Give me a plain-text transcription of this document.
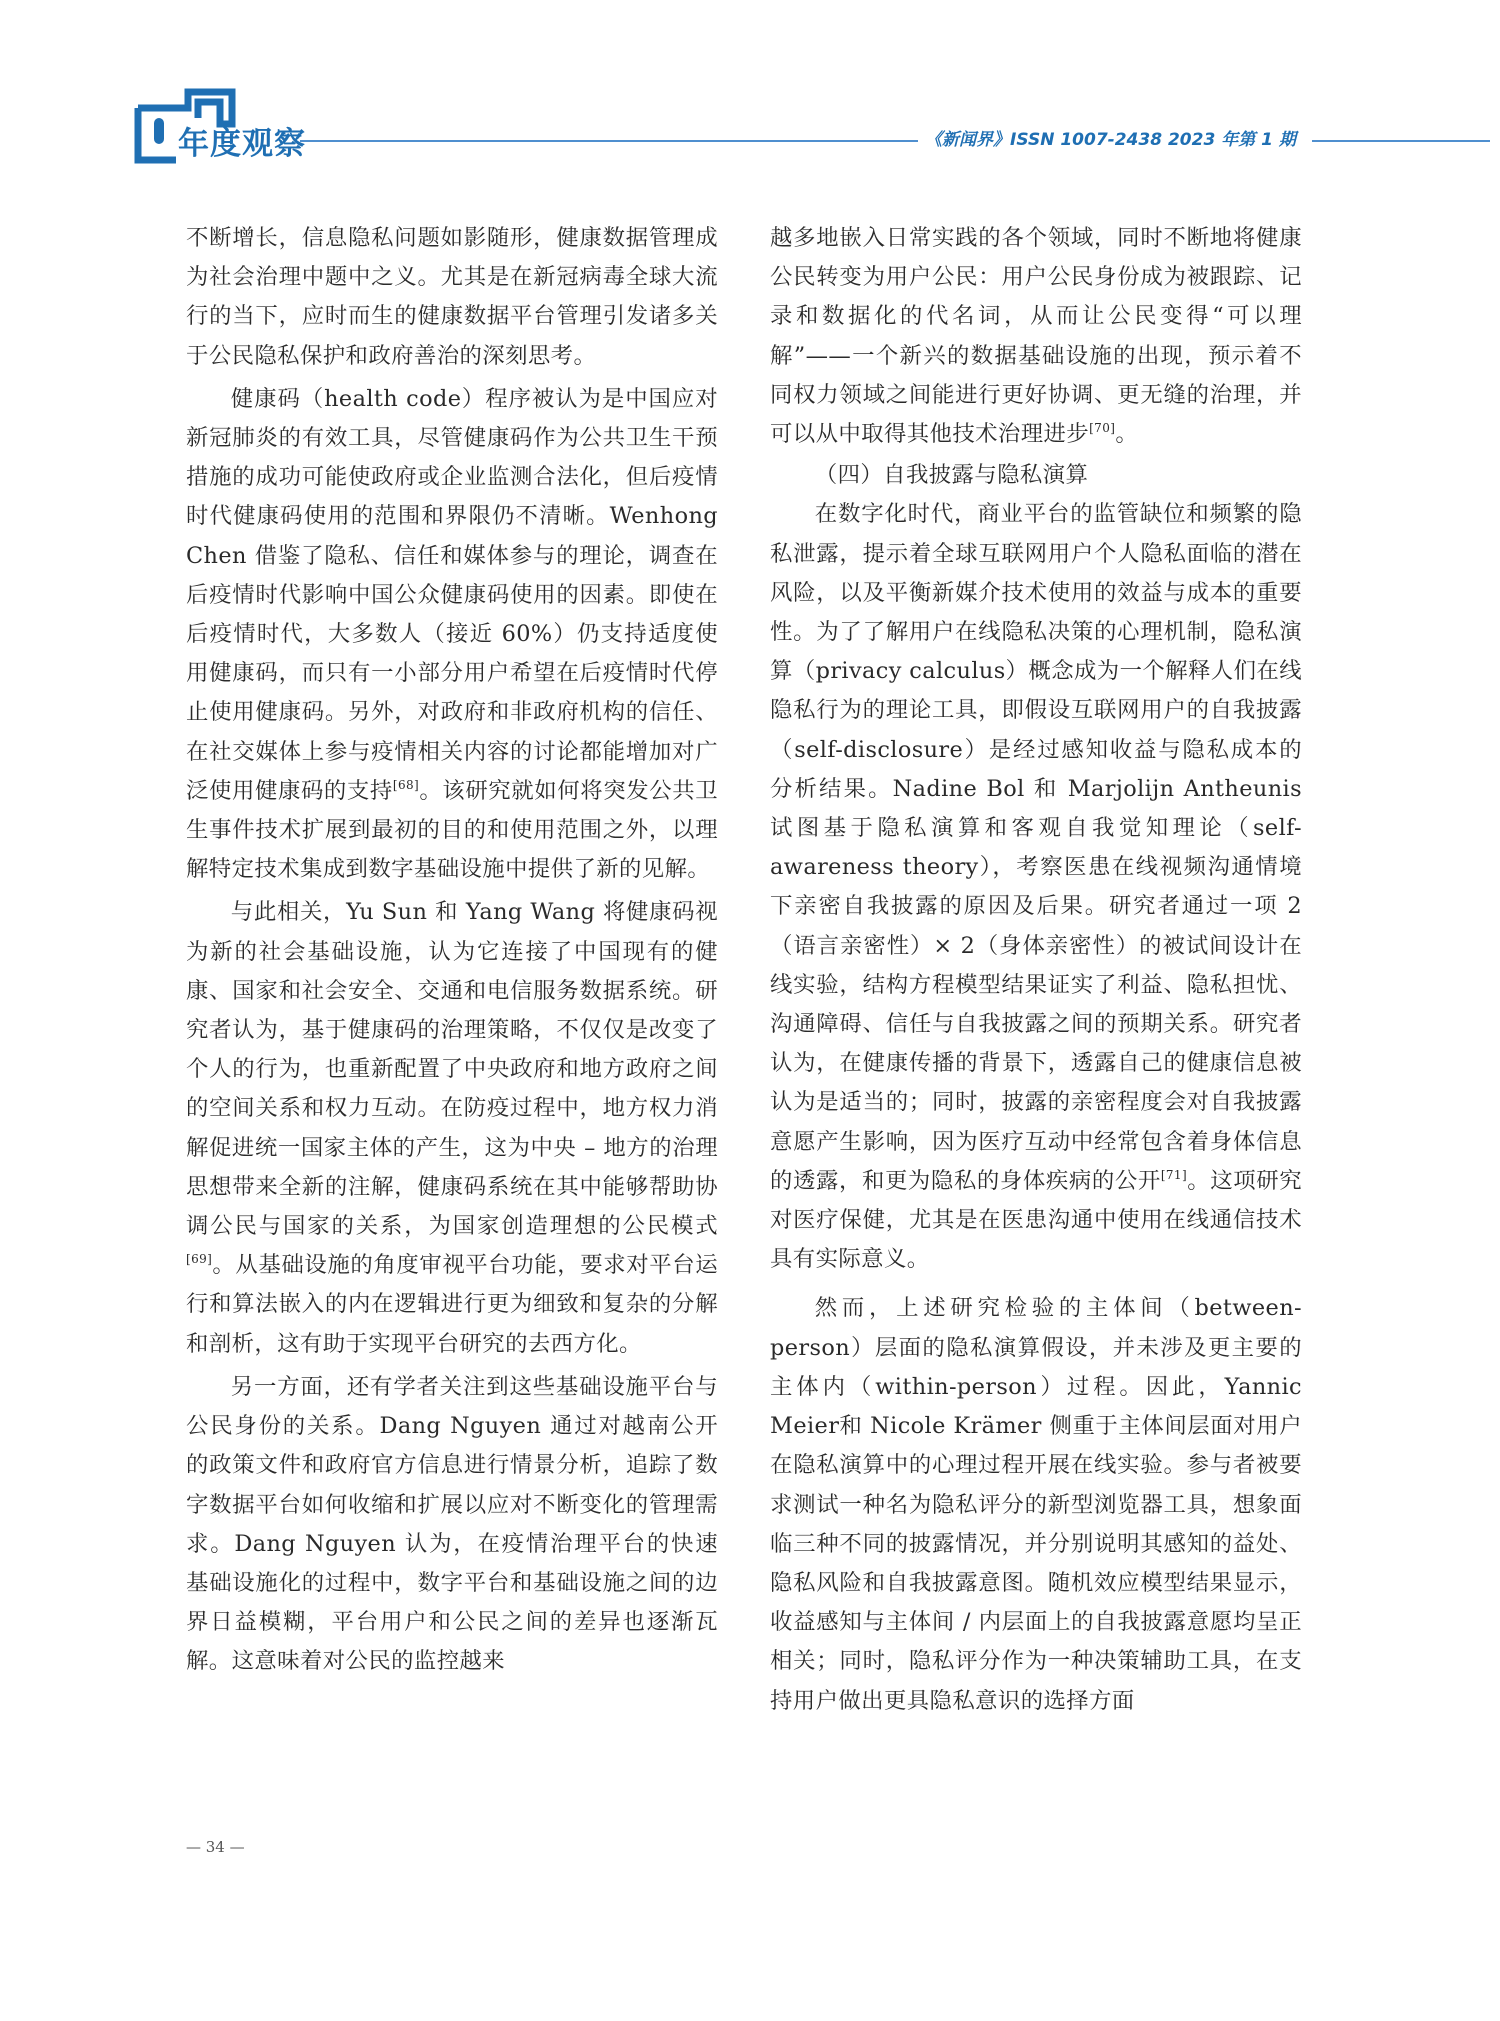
年度观察	《新闻界》ISSN 1007-2438 2023 年第 1 期

不断增长，信息隐私问题如影随形，健康数据管理成为社会治理中题中之义。尤其是在新冠病毒全球大流行的当下，应时而生的健康数据平台管理引发诸多关于公民隐私保护和政府善治的深刻思考。

健康码（health code）程序被认为是中国应对新冠肺炎的有效工具，尽管健康码作为公共卫生干预措施的成功可能使政府或企业监测合法化，但后疫情时代健康码使用的范围和界限仍不清晰。Wenhong Chen 借鉴了隐私、信任和媒体参与的理论，调查在后疫情时代影响中国公众健康码使用的因素。即使在后疫情时代，大多数人（接近 60%）仍支持适度使用健康码，而只有一小部分用户希望在后疫情时代停止使用健康码。另外，对政府和非政府机构的信任、在社交媒体上参与疫情相关内容的讨论都能增加对广泛使用健康码的支持[68]。该研究就如何将突发公共卫生事件技术扩展到最初的目的和使用范围之外，以理解特定技术集成到数字基础设施中提供了新的见解。

与此相关，Yu Sun 和 Yang Wang 将健康码视为新的社会基础设施，认为它连接了中国现有的健康、国家和社会安全、交通和电信服务数据系统。研究者认为，基于健康码的治理策略，不仅仅是改变了个人的行为，也重新配置了中央政府和地方政府之间的空间关系和权力互动。在防疫过程中，地方权力消解促进统一国家主体的产生，这为中央 – 地方的治理思想带来全新的注解，健康码系统在其中能够帮助协调公民与国家的关系，为国家创造理想的公民模式[69]。从基础设施的角度审视平台功能，要求对平台运行和算法嵌入的内在逻辑进行更为细致和复杂的分解和剖析，这有助于实现平台研究的去西方化。

另一方面，还有学者关注到这些基础设施平台与公民身份的关系。Dang Nguyen 通过对越南公开的政策文件和政府官方信息进行情景分析，追踪了数字数据平台如何收缩和扩展以应对不断变化的管理需求。Dang Nguyen 认为，在疫情治理平台的快速基础设施化的过程中，数字平台和基础设施之间的边界日益模糊，平台用户和公民之间的差异也逐渐瓦解。这意味着对公民的监控越来

越多地嵌入日常实践的各个领域，同时不断地将健康公民转变为用户公民：用户公民身份成为被跟踪、记录和数据化的代名词，从而让公民变得“可以理解”——一个新兴的数据基础设施的出现，预示着不同权力领域之间能进行更好协调、更无缝的治理，并可以从中取得其他技术治理进步[70]。

（四）自我披露与隐私演算

在数字化时代，商业平台的监管缺位和频繁的隐私泄露，提示着全球互联网用户个人隐私面临的潜在风险，以及平衡新媒介技术使用的效益与成本的重要性。为了了解用户在线隐私决策的心理机制，隐私演算（privacy calculus）概念成为一个解释人们在线隐私行为的理论工具，即假设互联网用户的自我披露（self-disclosure）是经过感知收益与隐私成本的分析结果。Nadine Bol 和 Marjolijn Antheunis 试图基于隐私演算和客观自我觉知理论（self-awareness theory），考察医患在线视频沟通情境下亲密自我披露的原因及后果。研究者通过一项 2（语言亲密性）× 2（身体亲密性）的被试间设计在线实验，结构方程模型结果证实了利益、隐私担忧、沟通障碍、信任与自我披露之间的预期关系。研究者认为，在健康传播的背景下，透露自己的健康信息被认为是适当的；同时，披露的亲密程度会对自我披露意愿产生影响，因为医疗互动中经常包含着身体信息的透露，和更为隐私的身体疾病的公开[71]。这项研究对医疗保健，尤其是在医患沟通中使用在线通信技术具有实际意义。

然而，上述研究检验的主体间（between-person）层面的隐私演算假设，并未涉及更主要的主体内（within-person）过程。因此，Yannic Meier和 Nicole Krämer 侧重于主体间层面对用户在隐私演算中的心理过程开展在线实验。参与者被要求测试一种名为隐私评分的新型浏览器工具，想象面临三种不同的披露情况，并分别说明其感知的益处、隐私风险和自我披露意图。随机效应模型结果显示，收益感知与主体间 / 内层面上的自我披露意愿均呈正相关；同时，隐私评分作为一种决策辅助工具，在支持用户做出更具隐私意识的选择方面

— 34 —
